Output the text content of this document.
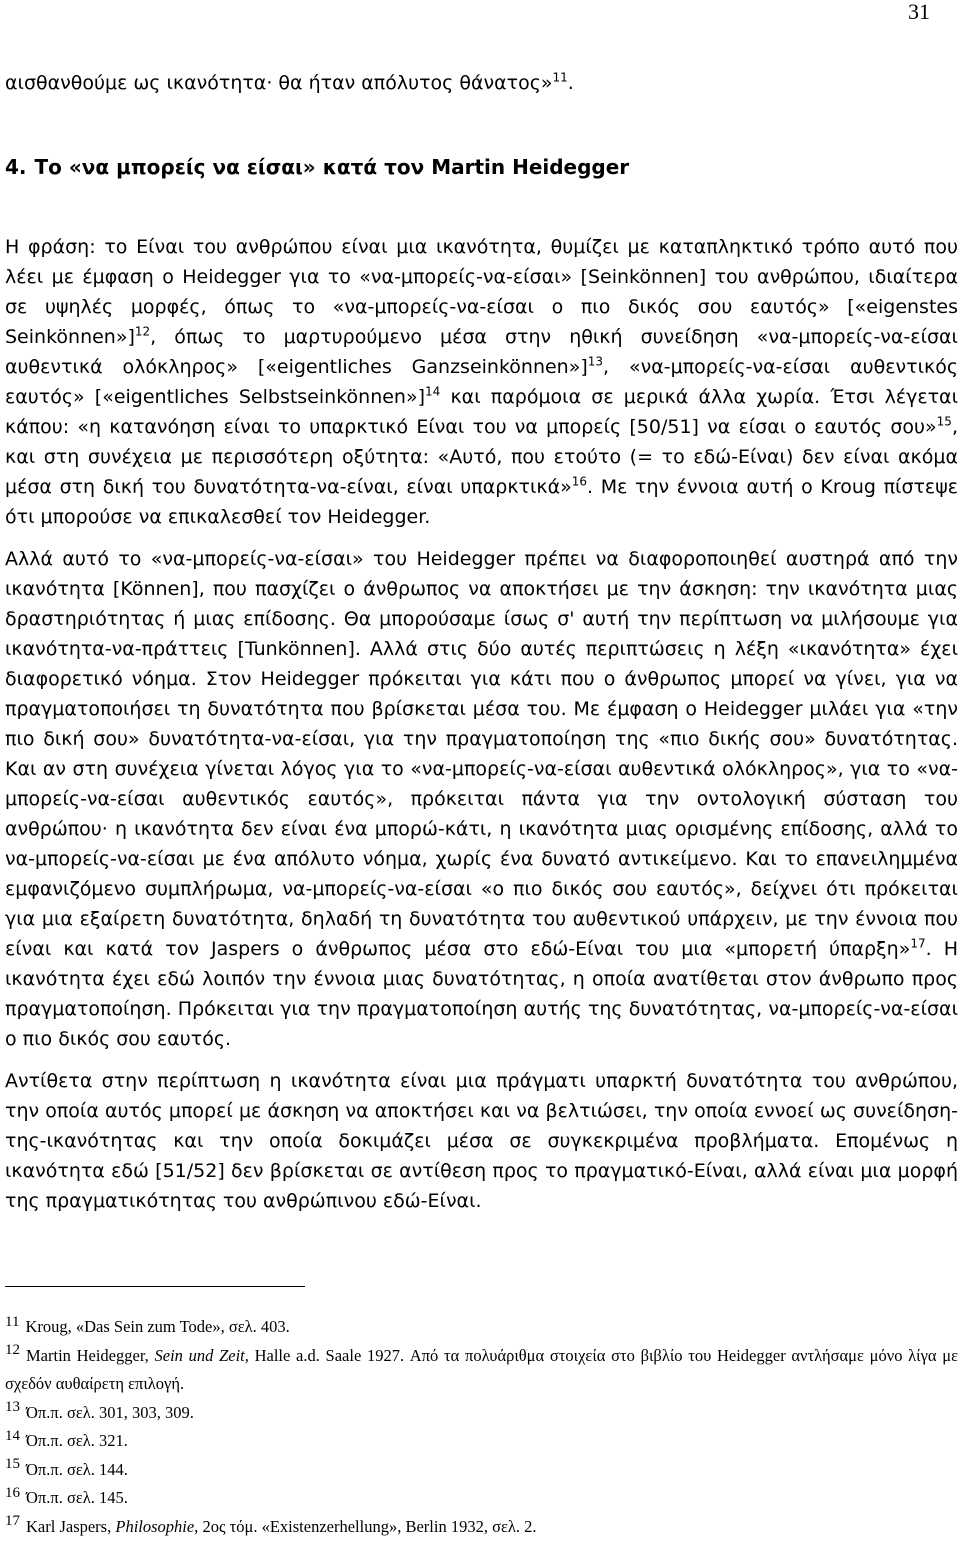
31

αισθανθούμε ως ικανότητα· θα ήταν απόλυτος θάνατος»$^{11}$.

4. Το «να μπορείς να είσαι» κατά τον Martin Heidegger

Η φράση: το Είναι του ανθρώπου είναι μια ικανότητα, θυμίζει με καταπληκτικό τρόπο αυτό που λέει με έμφαση ο Heidegger για το «να-μπορείς-να-είσαι» [Seinkönnen] του ανθρώπου, ιδιαίτερα σε υψηλές μορφές, όπως το «να-μπορείς-να-είσαι ο πιο δικός σου εαυτός» [«eigenstes Seinkönnen»]$^{12}$, όπως το μαρτυρούμενο μέσα στην ηθική συνείδηση «να-μπορείς-να-είσαι αυθεντικά ολόκληρος» [«eigentliches Ganzseinkönnen»]$^{13}$, «να-μπορείς-να-είσαι αυθεντικός εαυτός» [«eigentliches Selbstseinkönnen»]$^{14}$ και παρόμοια σε μερικά άλλα χωρία. Έτσι λέγεται κάπου: «η κατανόηση είναι το υπαρκτικό Είναι του να μπορείς [50/51] να είσαι ο εαυτός σου»$^{15}$, και στη συνέχεια με περισσότερη οξύτητα: «Αυτό, που ετούτο (= το εδώ-Είναι) δεν είναι ακόμα μέσα στη δική του δυνατότητα-να-είναι, είναι υπαρκτικά»$^{16}$. Με την έννοια αυτή ο Kroug πίστεψε ότι μπορούσε να επικαλεσθεί τον Heidegger.

Αλλά αυτό το «να-μπορείς-να-είσαι» του Heidegger πρέπει να διαφοροποιηθεί αυστηρά από την ικανότητα [Können], που πασχίζει ο άνθρωπος να αποκτήσει με την άσκηση: την ικανότητα μιας δραστηριότητας ή μιας επίδοσης. Θα μπορούσαμε ίσως σ' αυτή την περίπτωση να μιλήσουμε για ικανότητα-να-πράττεις [Tunkönnen]. Αλλά στις δύο αυτές περιπτώσεις η λέξη «ικανότητα» έχει διαφορετικό νόημα. Στον Heidegger πρόκειται για κάτι που ο άνθρωπος μπορεί να γίνει, για να πραγματοποιήσει τη δυνατότητα που βρίσκεται μέσα του. Με έμφαση ο Heidegger μιλάει για «την πιο δική σου» δυνατότητα-να-είσαι, για την πραγματοποίηση της «πιο δικής σου» δυνατότητας. Και αν στη συνέχεια γίνεται λόγος για το «να-μπορείς-να-είσαι αυθεντικά ολόκληρος», για το «να-μπορείς-να-είσαι αυθεντικός εαυτός», πρόκειται πάντα για την οντολογική σύσταση του ανθρώπου· η ικανότητα δεν είναι ένα μπορώ-κάτι, η ικανότητα μιας ορισμένης επίδοσης, αλλά το να-μπορείς-να-είσαι με ένα απόλυτο νόημα, χωρίς ένα δυνατό αντικείμενο. Και το επανειλημμένα εμφανιζόμενο συμπλήρωμα, να-μπορείς-να-είσαι «ο πιο δικός σου εαυτός», δείχνει ότι πρόκειται για μια εξαίρετη δυνατότητα, δηλαδή τη δυνατότητα του αυθεντικού υπάρχειν, με την έννοια που είναι και κατά τον Jaspers ο άνθρωπος μέσα στο εδώ-Είναι του μια «μπορετή ύπαρξη»$^{17}$. Η ικανότητα έχει εδώ λοιπόν την έννοια μιας δυνατότητας, η οποία ανατίθεται στον άνθρωπο προς πραγματοποίηση. Πρόκειται για την πραγματοποίηση αυτής της δυνατότητας, να-μπορείς-να-είσαι ο πιο δικός σου εαυτός.

Αντίθετα στην περίπτωση η ικανότητα είναι μια πράγματι υπαρκτή δυνατότητα του ανθρώπου, την οποία αυτός μπορεί με άσκηση να αποκτήσει και να βελτιώσει, την οποία εννοεί ως συνείδηση-της-ικανότητας και την οποία δοκιμάζει μέσα σε συγκεκριμένα προβλήματα. Επομένως η ικανότητα εδώ [51/52] δεν βρίσκεται σε αντίθεση προς το πραγματικό-Είναι, αλλά είναι μια μορφή της πραγματικότητας του ανθρώπινου εδώ-Είναι.

11 Kroug, «Das Sein zum Tode», σελ. 403.
12 Martin Heidegger, Sein und Zeit, Halle a.d. Saale 1927. Από τα πολυάριθμα στοιχεία στο βιβλίο του Heidegger αντλήσαμε μόνο λίγα με σχεδόν αυθαίρετη επιλογή.
13 Όπ.π. σελ. 301, 303, 309.
14 Όπ.π. σελ. 321.
15 Όπ.π. σελ. 144.
16 Όπ.π. σελ. 145.
17 Karl Jaspers, Philosophie, 2ος τόμ. «Existenzerhellung», Berlin 1932, σελ. 2.
